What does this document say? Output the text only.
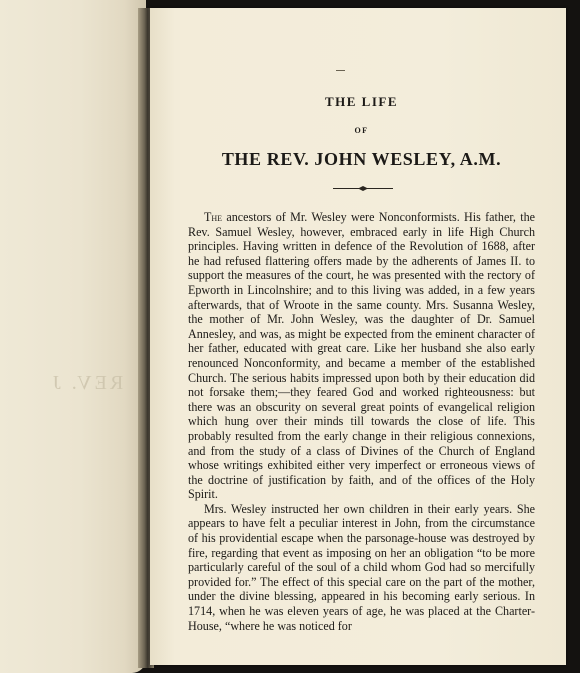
REV. J
THE LIFE
OF
THE REV. JOHN WESLEY, A.M.

The ancestors of Mr. Wesley were Nonconformists. His father, the Rev. Samuel Wesley, however, embraced early in life High Church principles. Having written in defence of the Revolution of 1688, after he had refused flattering offers made by the adherents of James II. to support the measures of the court, he was presented with the rectory of Epworth in Lincolnshire; and to this living was added, in a few years afterwards, that of Wroote in the same county. Mrs. Susanna Wesley, the mother of Mr. John Wesley, was the daughter of Dr. Samuel Annesley, and was, as might be expected from the eminent character of her father, educated with great care. Like her husband she also early renounced Nonconformity, and became a member of the established Church. The serious habits impressed upon both by their education did not forsake them;—they feared God and worked righteousness: but there was an obscurity on several great points of evangelical religion which hung over their minds till towards the close of life. This probably resulted from the early change in their religious connexions, and from the study of a class of Divines of the Church of England whose writings exhibited either very imperfect or erroneous views of the doctrine of justification by faith, and of the offices of the Holy Spirit.

Mrs. Wesley instructed her own children in their early years. She appears to have felt a peculiar interest in John, from the circumstance of his providential escape when the parsonage-house was destroyed by fire, regarding that event as imposing on her an obligation “to be more particularly careful of the soul of a child whom God had so mercifully provided for.” The effect of this special care on the part of the mother, under the divine blessing, appeared in his becoming early serious. In 1714, when he was eleven years of age, he was placed at the Charter-House, “where he was noticed for
